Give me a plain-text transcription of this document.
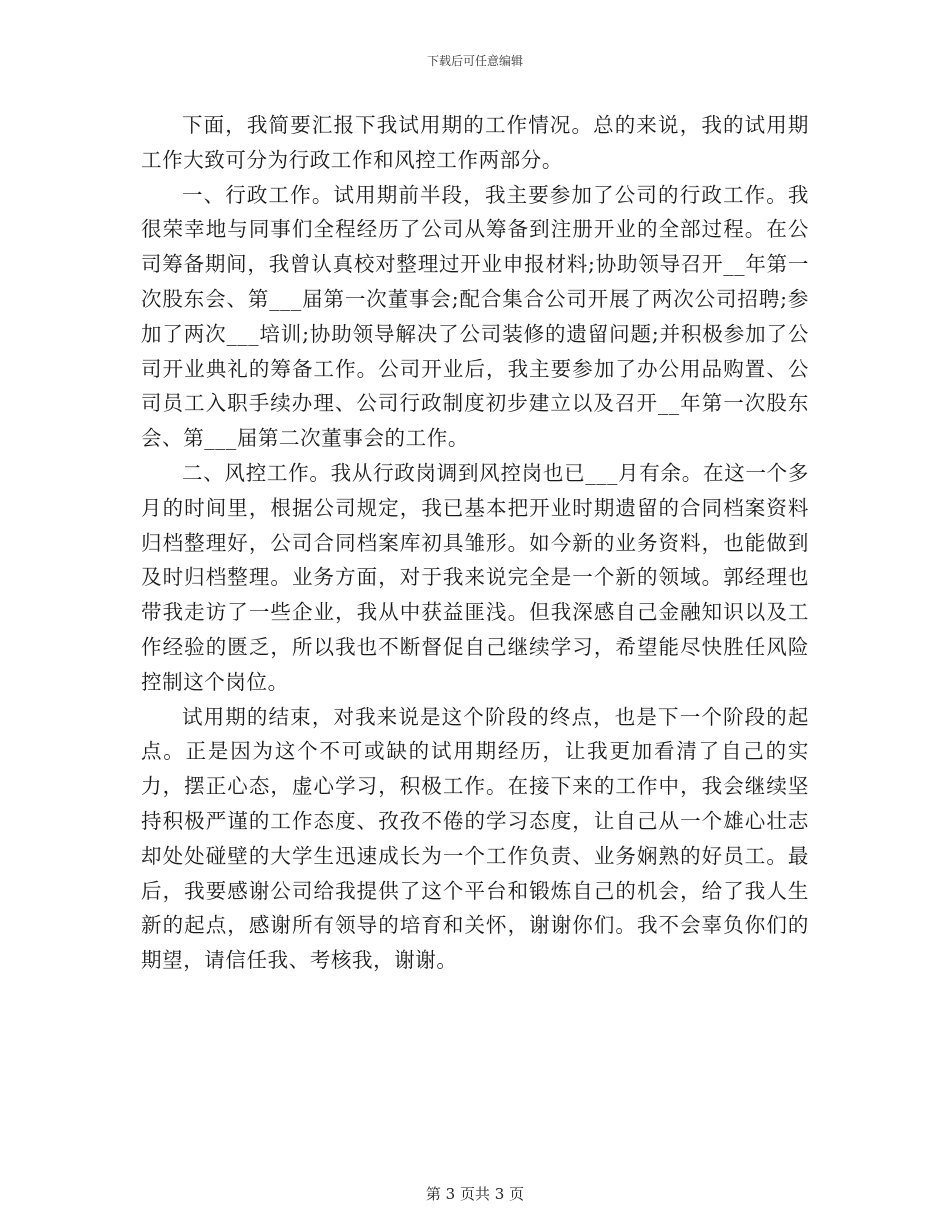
下载后可任意编辑

下面，我简要汇报下我试用期的工作情况。总的来说，我的试用期工作大致可分为行政工作和风控工作两部分。

一、行政工作。试用期前半段，我主要参加了公司的行政工作。我很荣幸地与同事们全程经历了公司从筹备到注册开业的全部过程。在公司筹备期间，我曾认真校对整理过开业申报材料;协助领导召开__年第一次股东会、第___届第一次董事会;配合集合公司开展了两次公司招聘;参加了两次___培训;协助领导解决了公司装修的遗留问题;并积极参加了公司开业典礼的筹备工作。公司开业后，我主要参加了办公用品购置、公司员工入职手续办理、公司行政制度初步建立以及召开__年第一次股东会、第___届第二次董事会的工作。

二、风控工作。我从行政岗调到风控岗也已___月有余。在这一个多月的时间里，根据公司规定，我已基本把开业时期遗留的合同档案资料归档整理好，公司合同档案库初具雏形。如今新的业务资料，也能做到及时归档整理。业务方面，对于我来说完全是一个新的领域。郭经理也带我走访了一些企业，我从中获益匪浅。但我深感自己金融知识以及工作经验的匮乏，所以我也不断督促自己继续学习，希望能尽快胜任风险控制这个岗位。

试用期的结束，对我来说是这个阶段的终点，也是下一个阶段的起点。正是因为这个不可或缺的试用期经历，让我更加看清了自己的实力，摆正心态，虚心学习，积极工作。在接下来的工作中，我会继续坚持积极严谨的工作态度、孜孜不倦的学习态度，让自己从一个雄心壮志却处处碰壁的大学生迅速成长为一个工作负责、业务娴熟的好员工。最后，我要感谢公司给我提供了这个平台和锻炼自己的机会，给了我人生新的起点，感谢所有领导的培育和关怀，谢谢你们。我不会辜负你们的期望，请信任我、考核我，谢谢。

第 3 页共 3 页
